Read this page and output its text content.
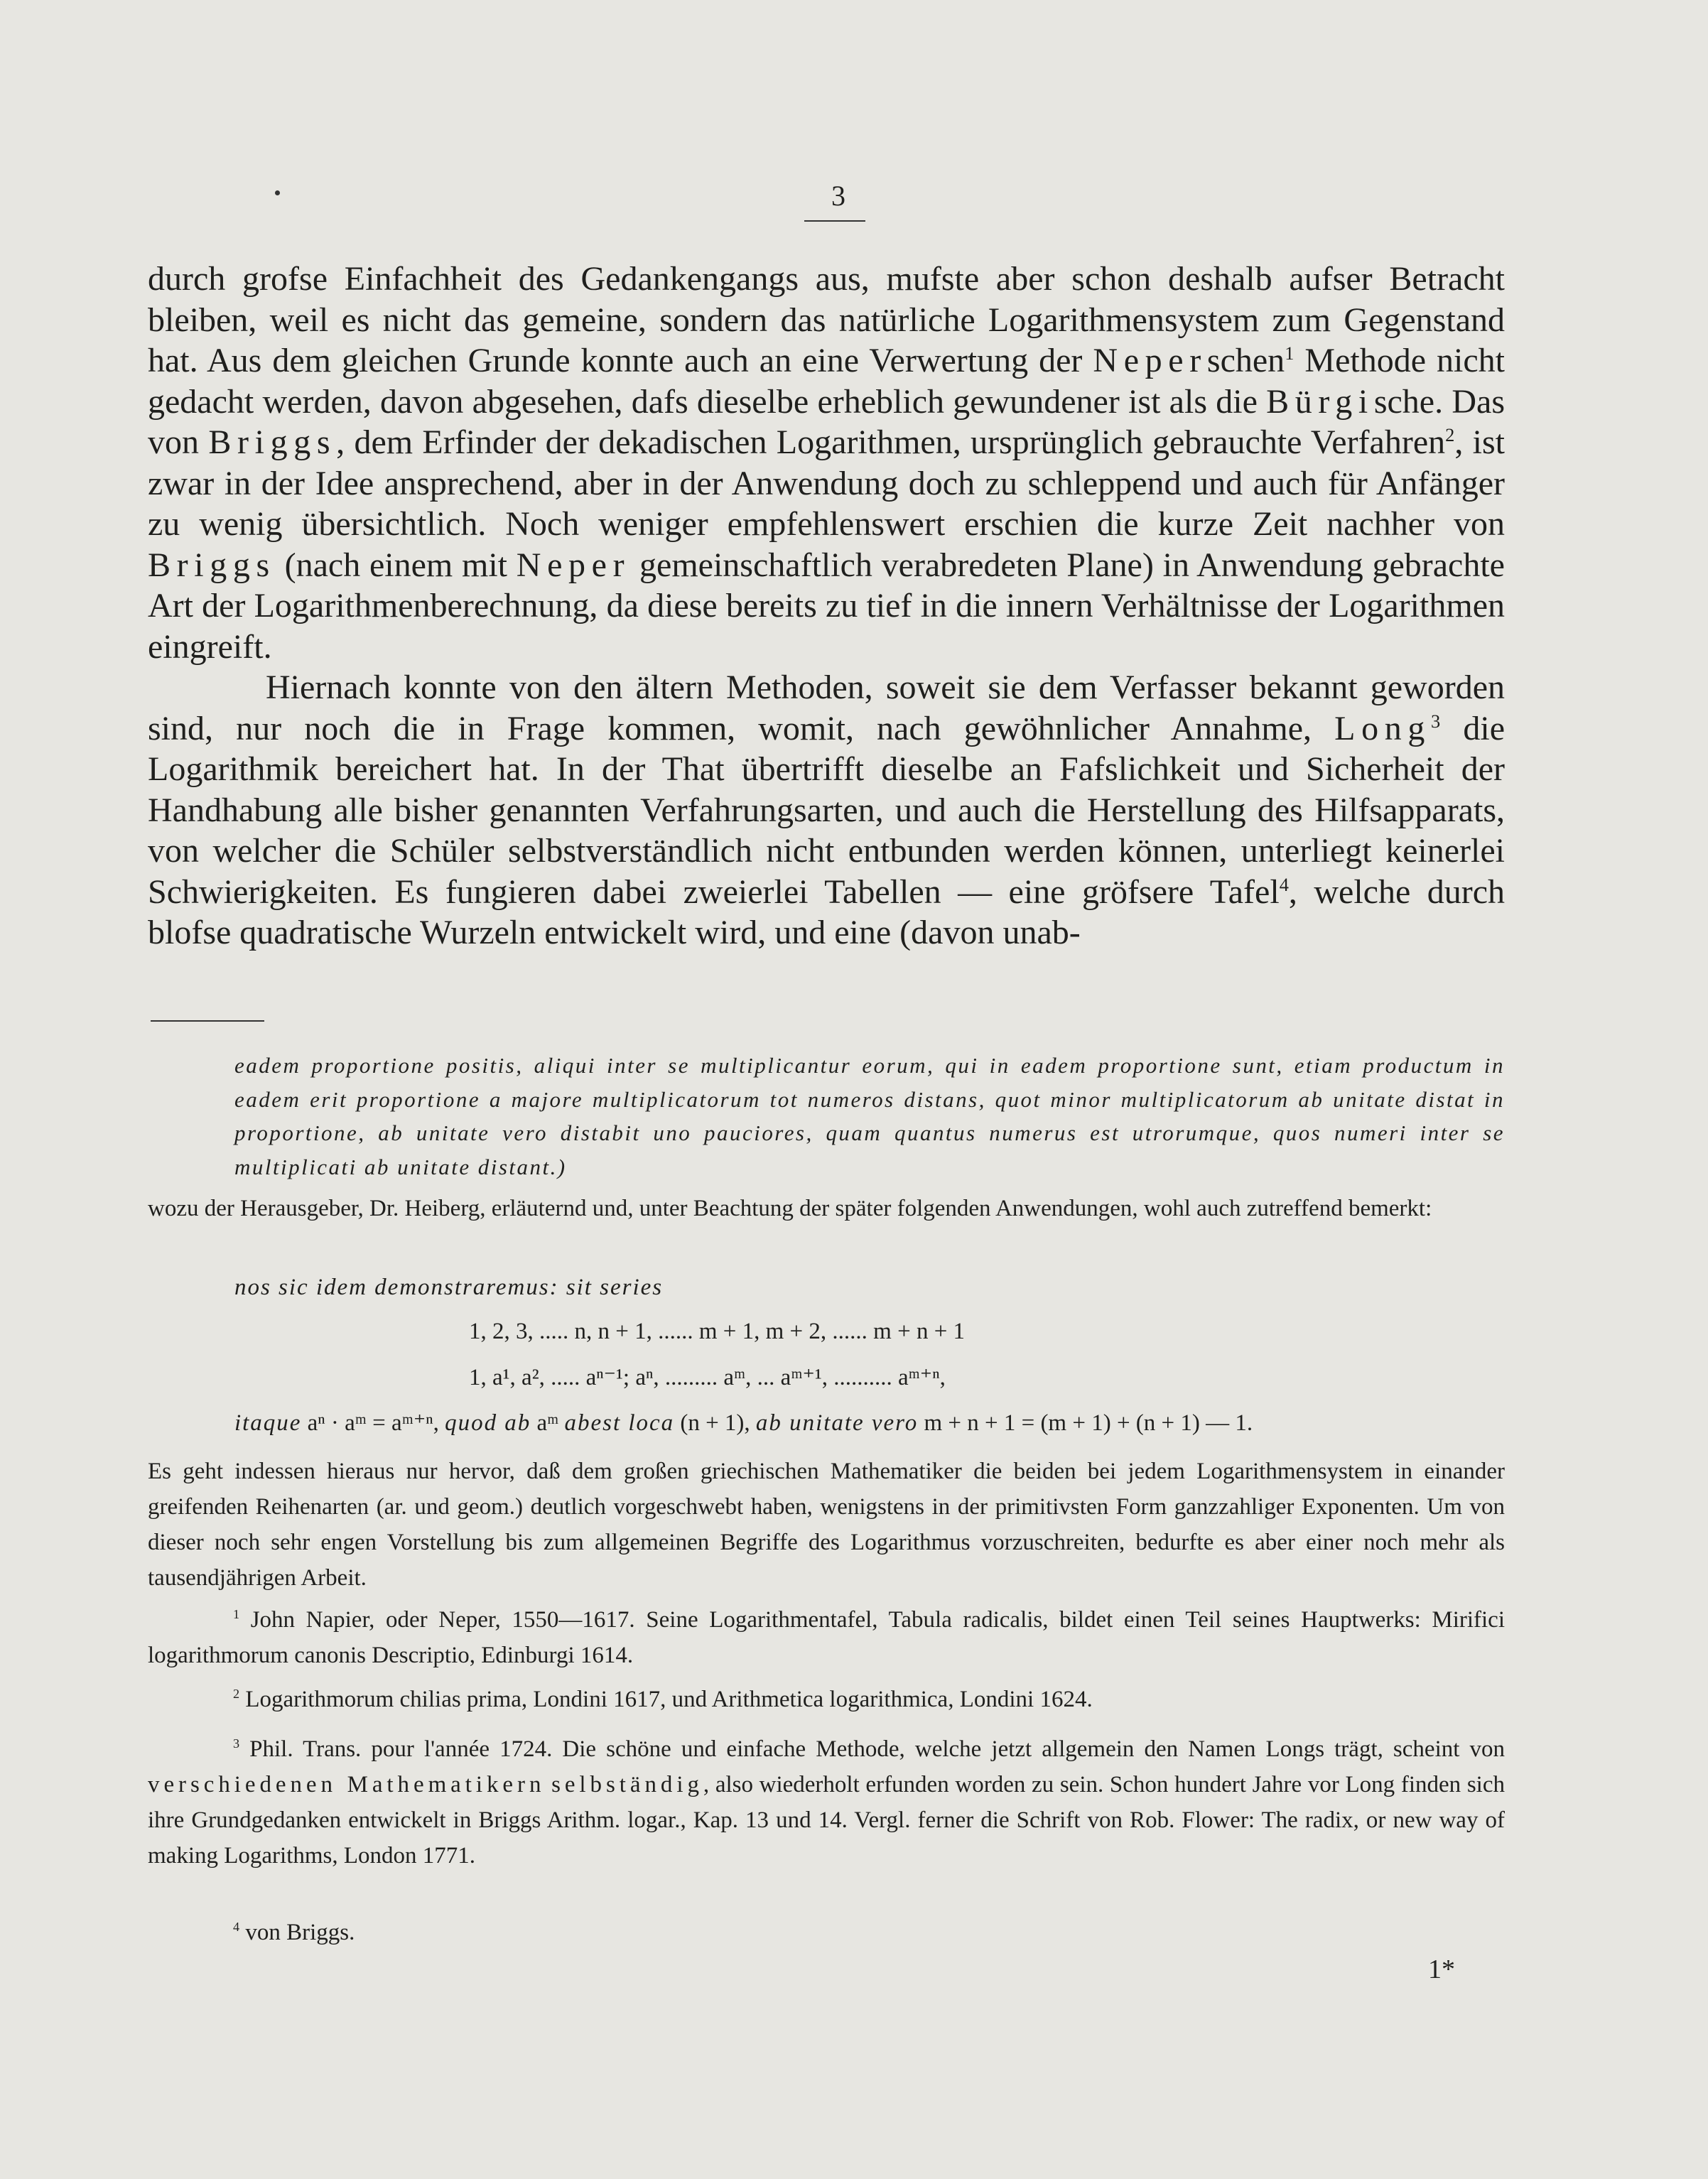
3

durch grofse Einfachheit des Gedankengangs aus, mufste aber schon deshalb aufser Betracht bleiben, weil es nicht das gemeine, sondern das natürliche Logarithmensystem zum Gegenstand hat. Aus dem gleichen Grunde konnte auch an eine Verwertung der Neperschen$^1$ Methode nicht gedacht werden, davon abgesehen, dafs dieselbe erheblich gewundener ist als die Bürgische. Das von Briggs, dem Erfinder der dekadischen Logarithmen, ursprünglich gebrauchte Verfahren$^2$, ist zwar in der Idee ansprechend, aber in der Anwendung doch zu schleppend und auch für Anfänger zu wenig übersichtlich. Noch weniger empfehlenswert erschien die kurze Zeit nachher von Briggs (nach einem mit Neper gemeinschaftlich verabredeten Plane) in Anwendung gebrachte Art der Logarithmenberechnung, da diese bereits zu tief in die innern Verhältnisse der Logarithmen eingreift.

Hiernach konnte von den ältern Methoden, soweit sie dem Verfasser bekannt geworden sind, nur noch die in Frage kommen, womit, nach gewöhnlicher Annahme, Long$^3$ die Logarithmik bereichert hat. In der That übertrifft dieselbe an Fafslichkeit und Sicherheit der Handhabung alle bisher genannten Verfahrungsarten, und auch die Herstellung des Hilfsapparats, von welcher die Schüler selbstverständlich nicht entbunden werden können, unterliegt keinerlei Schwierigkeiten. Es fungieren dabei zweierlei Tabellen — eine gröfsere Tafel$^4$, welche durch blofse quadratische Wurzeln entwickelt wird, und eine (davon unab-

eadem proportione positis, aliqui inter se multiplicantur eorum, qui in eadem proportione sunt, etiam productum in eadem erit proportione a majore multiplicatorum tot numeros distans, quot minor multiplicatorum ab unitate distat in proportione, ab unitate vero distabit uno pauciores, quam quantus numerus est utrorumque, quos numeri inter se multiplicati ab unitate distant.)

wozu der Herausgeber, Dr. Heiberg, erläuternd und, unter Beachtung der später folgenden Anwendungen, wohl auch zutreffend bemerkt:

nos sic idem demonstraremus: sit series
1, 2, 3, ..... n, n + 1, ...... m + 1, m + 2, ...... m + n + 1
1, a¹, a², ..... aⁿ⁻¹; aⁿ, ......... aᵐ, ... aᵐ⁺¹, .......... aᵐ⁺ⁿ,
itaque aⁿ · aᵐ = aᵐ⁺ⁿ, quod ab aᵐ abest loca (n + 1), ab unitate vero m + n + 1 = (m + 1) + (n + 1) — 1.

Es geht indessen hieraus nur hervor, daß dem großen griechischen Mathematiker die beiden bei jedem Logarithmensystem in einander greifenden Reihenarten (ar. und geom.) deutlich vorgeschwebt haben, wenigstens in der primitivsten Form ganzzahliger Exponenten. Um von dieser noch sehr engen Vorstellung bis zum allgemeinen Begriffe des Logarithmus vorzuschreiten, bedurfte es aber einer noch mehr als tausendjährigen Arbeit.

$^1$ John Napier, oder Neper, 1550—1617. Seine Logarithmentafel, Tabula radicalis, bildet einen Teil seines Hauptwerks: Mirifici logarithmorum canonis Descriptio, Edinburgi 1614.

$^2$ Logarithmorum chilias prima, Londini 1617, und Arithmetica logarithmica, Londini 1624.

$^3$ Phil. Trans. pour l'année 1724. Die schöne und einfache Methode, welche jetzt allgemein den Namen Longs trägt, scheint von verschiedenen Mathematikern selbständig, also wiederholt erfunden worden zu sein. Schon hundert Jahre vor Long finden sich ihre Grundgedanken entwickelt in Briggs Arithm. logar., Kap. 13 und 14. Vergl. ferner die Schrift von Rob. Flower: The radix, or new way of making Logarithms, London 1771.

$^4$ von Briggs.

1*
